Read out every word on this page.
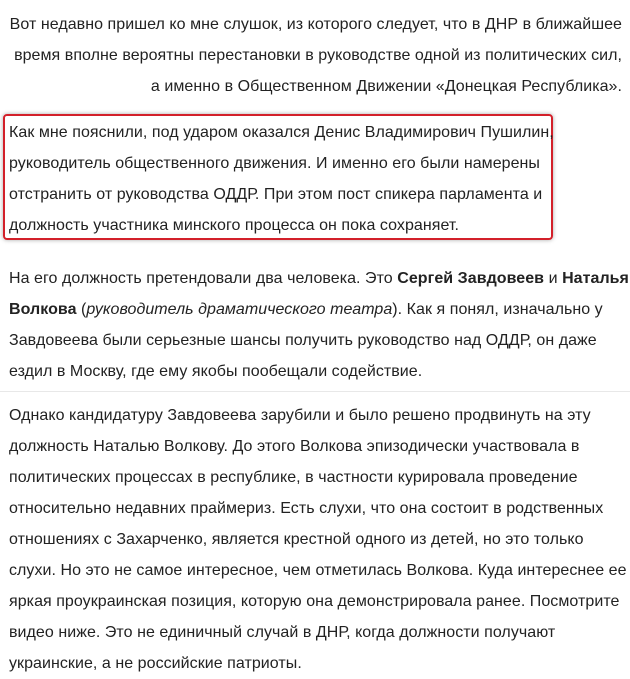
Вот недавно пришел ко мне слушок, из которого следует, что в ДНР в ближайшее
время вполне вероятны перестановки в руководстве одной из политических сил,
а именно в Общественном Движении «Донецкая Республика».
Как мне пояснили, под ударом оказался Денис Владимирович Пушилин,
руководитель общественного движения. И именно его были намерены
отстранить от руководства ОДДР. При этом пост спикера парламента и
должность участника минского процесса он пока сохраняет.
На его должность претендовали два человека. Это Сергей Завдовеев и Наталья
Волкова (руководитель драматического театра). Как я понял, изначально у
Завдовеева были серьезные шансы получить руководство над ОДДР, он даже
ездил в Москву, где ему якобы пообещали содействие.
Однако кандидатуру Завдовеева зарубили и было решено продвинуть на эту
должность Наталью Волкову. До этого Волкова эпизодически участвовала в
политических процессах в республике, в частности курировала проведение
относительно недавних праймериз. Есть слухи, что она состоит в родственных
отношениях с Захарченко, является крестной одного из детей, но это только
слухи. Но это не самое интересное, чем отметилась Волкова. Куда интереснее ее
яркая проукраинская позиция, которую она демонстрировала ранее. Посмотрите
видео ниже. Это не единичный случай в ДНР, когда должности получают
украинские, а не российские патриоты.
